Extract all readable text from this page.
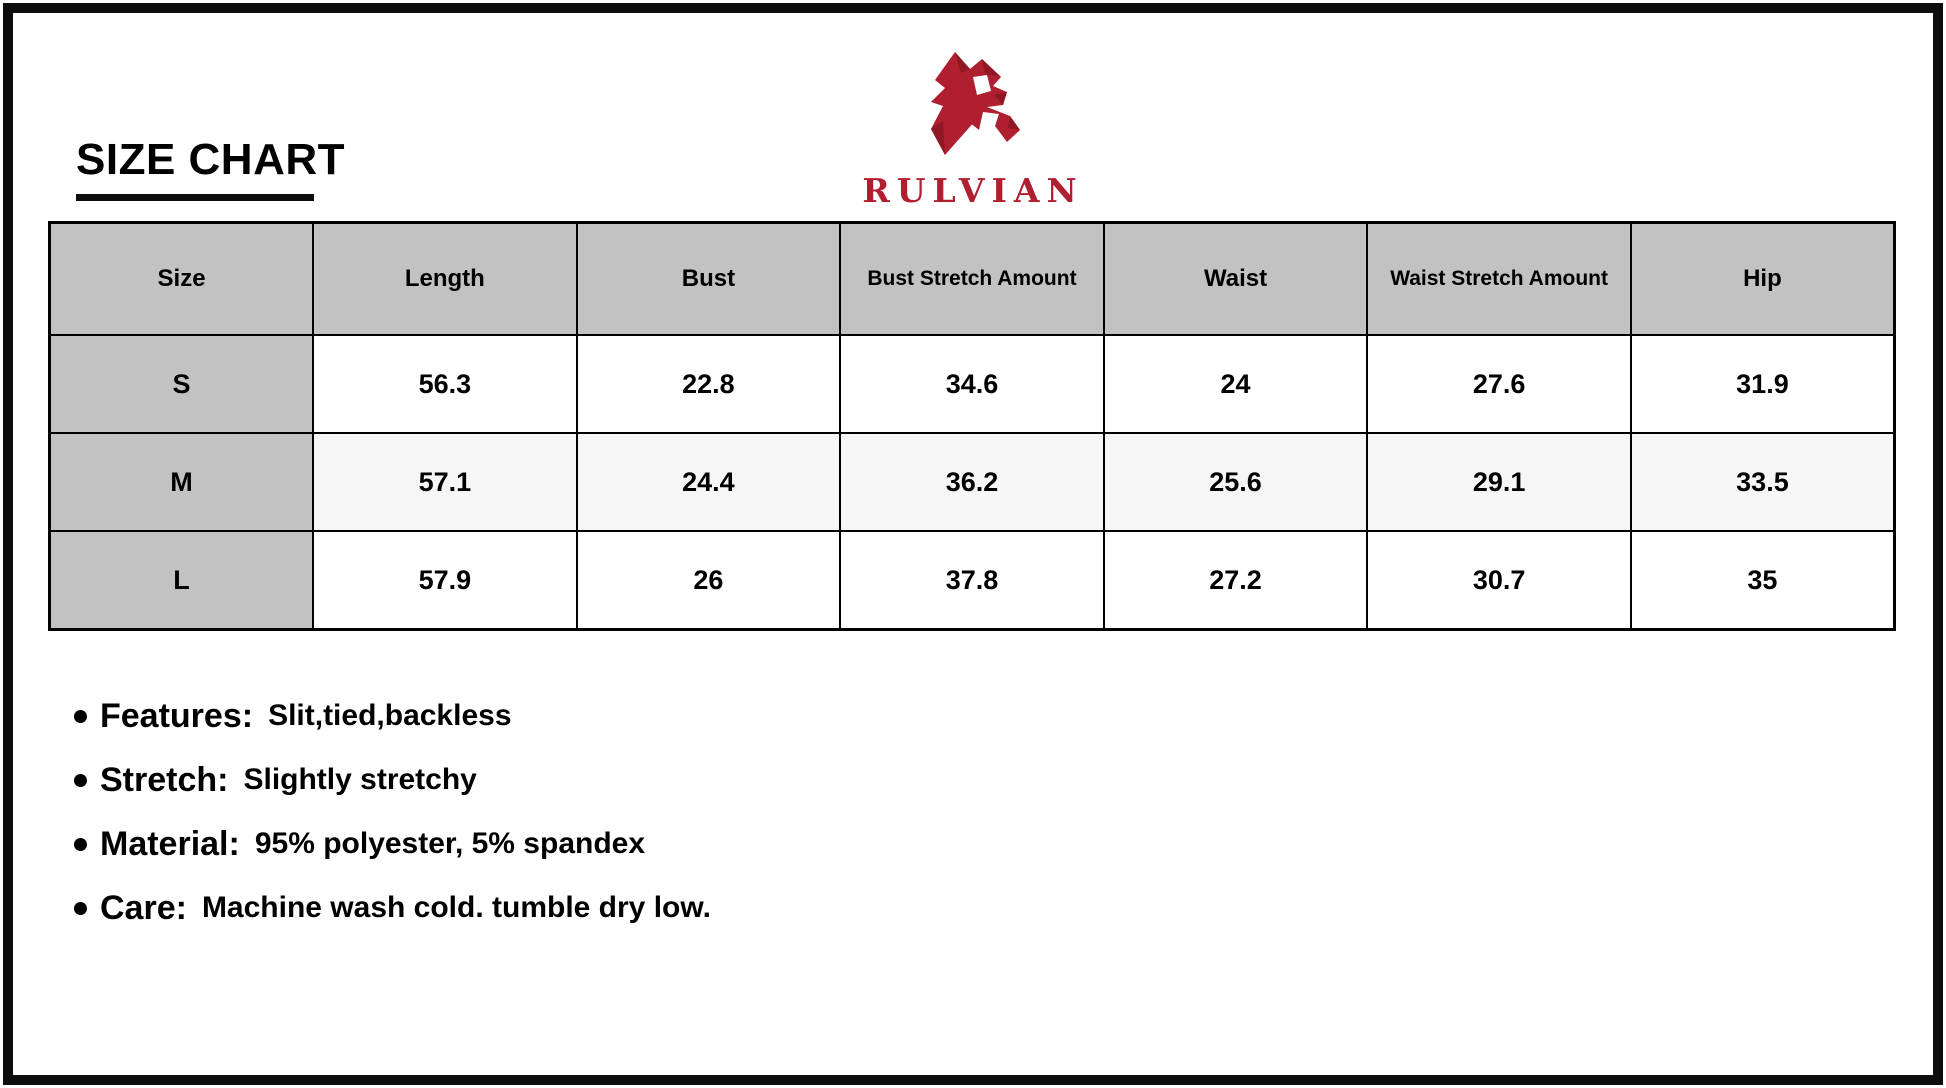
SIZE CHART
RULVIAN
Size	Length	Bust	Bust Stretch Amount	Waist	Waist Stretch Amount	Hip
S	56.3	22.8	34.6	24	27.6	31.9
M	57.1	24.4	36.2	25.6	29.1	33.5
L	57.9	26	37.8	27.2	30.7	35
Features: Slit,tied,backless
Stretch: Slightly stretchy
Material: 95% polyester, 5% spandex
Care: Machine wash cold. tumble dry low.
